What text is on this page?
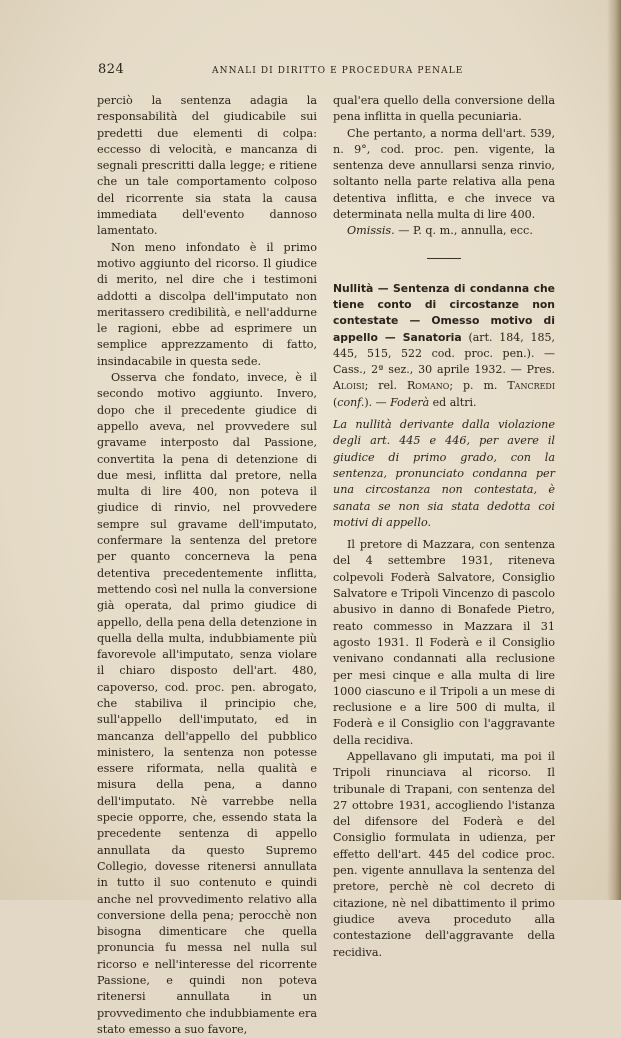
824	ANNALI DI DIRITTO E PROCEDURA PENALE

perciò la sentenza adagia la responsabilità del giudicabile sui predetti due elementi di colpa: eccesso di velocità, e mancanza di segnali prescritti dalla legge; e ritiene che un tale comportamento colposo del ricorrente sia stata la causa immediata dell'evento dannoso lamentato.

Non meno infondato è il primo motivo aggiunto del ricorso. Il giudice di merito, nel dire che i testimoni addotti a discolpa dell'imputato non meritassero credibilità, e nell'addurne le ragioni, ebbe ad esprimere un semplice apprezzamento di fatto, insindacabile in questa sede.

Osserva che fondato, invece, è il secondo motivo aggiunto. Invero, dopo che il precedente giudice di appello aveva, nel provvedere sul gravame interposto dal Passione, convertita la pena di detenzione di due mesi, inflitta dal pretore, nella multa di lire 400, non poteva il giudice di rinvio, nel provvedere sempre sul gravame dell'imputato, confermare la sentenza del pretore per quanto concerneva la pena detentiva precedentemente inflitta, mettendo così nel nulla la conversione già operata, dal primo giudice di appello, della pena della detenzione in quella della multa, indubbiamente più favorevole all'imputato, senza violare il chiaro disposto dell'art. 480, capoverso, cod. proc. pen. abrogato, che stabiliva il principio che, sull'appello dell'imputato, ed in mancanza dell'appello del pubblico ministero, la sentenza non potesse essere riformata, nella qualità e misura della pena, a danno dell'imputato. Nè varrebbe nella specie opporre, che, essendo stata la precedente sentenza di appello annullata da questo Supremo Collegio, dovesse ritenersi annullata in tutto il suo contenuto e quindi anche nel provvedimento relativo alla conversione della pena; perocchè non bisogna dimenticare che quella pronuncia fu messa nel nulla sul ricorso e nell'interesse del ricorrente Passione, e quindi non poteva ritenersi annullata in un provvedimento che indubbiamente era stato emesso a suo favore,

qual'era quello della conversione della pena inflitta in quella pecuniaria.

Che pertanto, a norma dell'art. 539, n. 9°, cod. proc. pen. vigente, la sentenza deve annullarsi senza rinvio, soltanto nella parte relativa alla pena detentiva inflitta, e che invece va determinata nella multa di lire 400.

Omissis. — P. q. m., annulla, ecc.

Nullità — Sentenza di condanna che tiene conto di circostanze non contestate — Omesso motivo di appello — Sanatoria (art. 184, 185, 445, 515, 522 cod. proc. pen.). — Cass., 2ª sez., 30 aprile 1932. — Pres. Aloisi; rel. Romano; p. m. Tancredi (conf.). — Foderà ed altri.

La nullità derivante dalla violazione degli art. 445 e 446, per avere il giudice di primo grado, con la sentenza, pronunciato condanna per una circostanza non contestata, è sanata se non sia stata dedotta coi motivi di appello.

Il pretore di Mazzara, con sentenza del 4 settembre 1931, riteneva colpevoli Foderà Salvatore, Consiglio Salvatore e Tripoli Vincenzo di pascolo abusivo in danno di Bonafede Pietro, reato commesso in Mazzara il 31 agosto 1931. Il Foderà e il Consiglio venivano condannati alla reclusione per mesi cinque e alla multa di lire 1000 ciascuno e il Tripoli a un mese di reclusione e a lire 500 di multa, il Foderà e il Consiglio con l'aggravante della recidiva.

Appellavano gli imputati, ma poi il Tripoli rinunciava al ricorso. Il tribunale di Trapani, con sentenza del 27 ottobre 1931, accogliendo l'istanza del difensore del Foderà e del Consiglio formulata in udienza, per effetto dell'art. 445 del codice proc. pen. vigente annullava la sentenza del pretore, perchè nè col decreto di citazione, nè nel dibattimento il primo giudice aveva proceduto alla contestazione dell'aggravante della recidiva.
